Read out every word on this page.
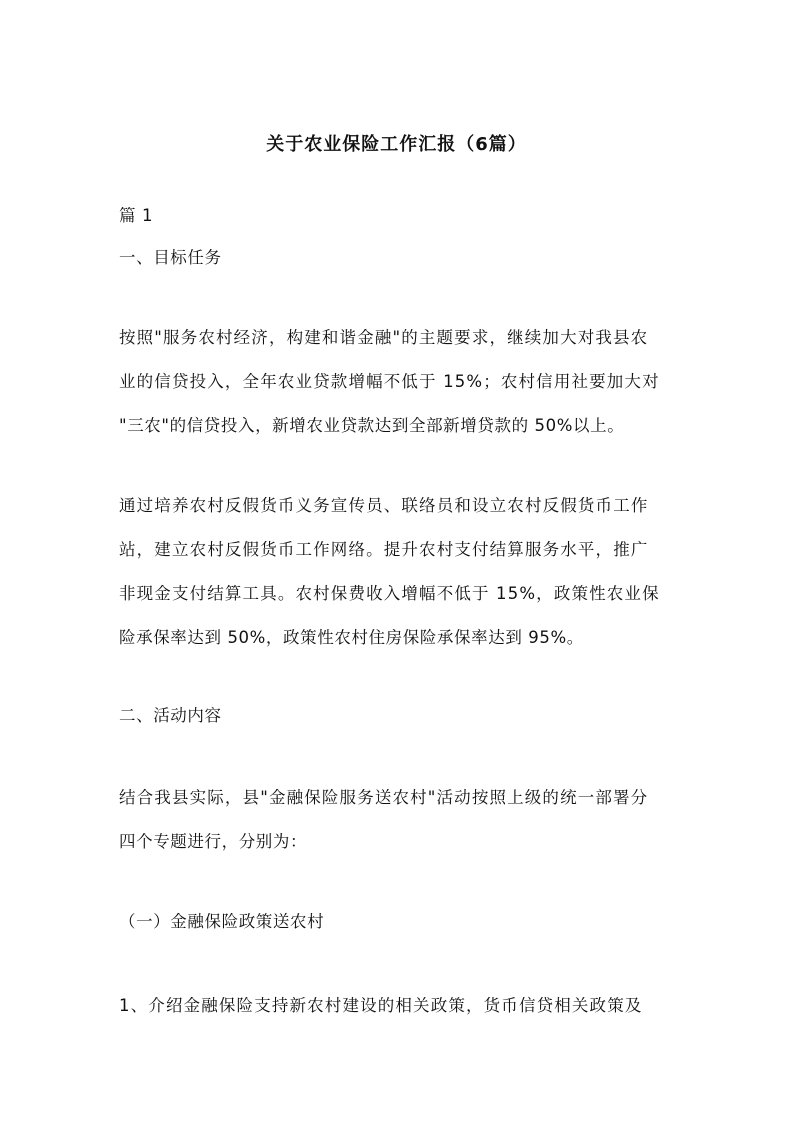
关于农业保险工作汇报（6篇）
篇 1
一、目标任务
按照"服务农村经济，构建和谐金融"的主题要求，继续加大对我县农
业的信贷投入，全年农业贷款增幅不低于 15%；农村信用社要加大对
"三农"的信贷投入，新增农业贷款达到全部新增贷款的 50%以上。
通过培养农村反假货币义务宣传员、联络员和设立农村反假货币工作
站，建立农村反假货币工作网络。提升农村支付结算服务水平，推广
非现金支付结算工具。农村保费收入增幅不低于 15%，政策性农业保
险承保率达到 50%，政策性农村住房保险承保率达到 95%。
二、活动内容
结合我县实际，县"金融保险服务送农村"活动按照上级的统一部署分
四个专题进行，分别为：
（一）金融保险政策送农村
1、介绍金融保险支持新农村建设的相关政策，货币信贷相关政策及
